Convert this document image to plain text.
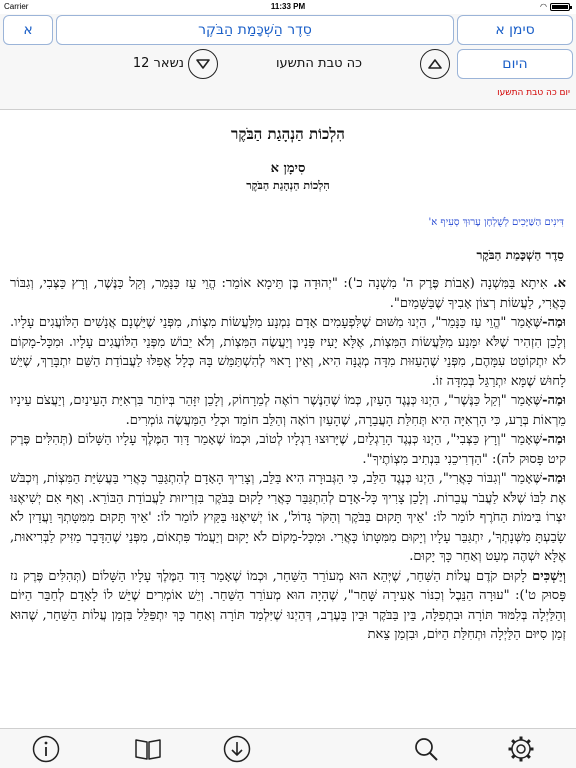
Carrier	11:33 PM	◠
א	סֵדֶר הַשְׁכָּמַת הַבֹּקֶר	סימן א
נשאר 12	כה טבת התשעו	היום
יום כה טבת התשעו
הִלְכוֹת הַנְהָגַת הַבֹּקֶר
סִימָן א
הִלְכוֹת הַנְהָגַת הַבֹּקֶר
דִּינִים הַשַּׁיָּכִים לְשֻׁלְחָן עָרוּךְ סְעִיף א'
סֵדֶר הַשְׁכָּמַת הַבֹּקֶר

א. אִיתָא בַּמִּשְׁנָה (אָבוֹת פֶּרֶק ה' מִשְׁנָה כ'): "יְהוּדָה בֶּן תֵּימָא אוֹמֵר: הֱוֵי עַז כַּנָּמֵר, וְקַל כַּנֶּשֶׁר, וְרָץ כַּצְּבִי, וְגִבּוֹר כָּאֲרִי, לַעֲשׂוֹת רְצוֹן אָבִיךָ שֶׁבַּשָּׁמַיִם".

וּמַה-שֶּׁאָמַר "הֱוֵי עַז כַּנָּמֵר", הַיְנוּ מִשּׁוּם שֶׁלִּפְעָמִים אָדָם נִמְנָע מִלַּעֲשׂוֹת מִצְוֹת, מִפְּנֵי שֶׁיֵּשְׁנָם אֲנָשִׁים הַלּוֹעֲגִים עָלָיו. וְלָכֵן הִזְהִיר שֶׁלֹּא יִמָּנַע מִלַּעֲשׂוֹת הַמִּצְוֹת, אֶלָּא יָעִיז פָּנָיו וְיַעֲשֶׂה הַמִּצְוֹת, וְלֹא יֵבוֹשׁ מִפְּנֵי הַלּוֹעֲגִים עָלָיו. וּמִכָּל-מָקוֹם לֹא יִתְקוֹטֵט עִמָּהֶם, מִפְּנֵי שֶׁהָעַזּוּת מִדָּה מְגֻנָּה הִיא, וְאֵין רָאוּי לְהִשְׁתַּמֵּשׁ בָּהּ כְּלָל אֲפִלּוּ לַעֲבוֹדַת הַשֵּׁם יִתְבָּרַךְ, שֶׁיֵּשׁ לָחוּשׁ שֶׁמָּא יִתְרַגֵּל בְּמִדָּה זוֹ.

וּמַה-שֶּׁאָמַר "וְקַל כַּנֶּשֶׁר", הַיְנוּ כְּנֶגֶד הָעַיִן, כְּמוֹ שֶׁהַנֶּשֶׁר רוֹאֶה לְמֵרָחוֹק, וְלָכֵן יִזָּהֵר בְּיוֹתֵר בִּרְאִיַּת הָעֵינַיִם, וְיַעֲצֹם עֵינָיו מֵרְאוֹת בְּרָע, כִּי הָרְאִיָּה הִיא תְּחִלַּת הָעֲבֵרָה, שֶׁהָעַיִן רוֹאָה וְהַלֵּב חוֹמֵד וּכְלֵי הַמַּעֲשֶׂה גּוֹמְרִים.

וּמַה-שֶּׁאָמַר "וְרָץ כַּצְּבִי", הַיְנוּ כְּנֶגֶד הָרַגְלַיִם, שֶׁיָּרוּצוּ רַגְלָיו לְטוֹב, וּכְמוֹ שֶׁאָמַר דָּוִד הַמֶּלֶךְ עָלָיו הַשָּׁלוֹם (תְּהִלִּים פֶּרֶק קיט פָּסוּק לה): "הַדְרִיכֵנִי בִּנְתִיב מִצְוֹתֶיךָ".

וּמַה-שֶּׁאָמַר "וְגִבּוֹר כָּאֲרִי", הַיְנוּ כְּנֶגֶד הַלֵּב, כִּי הַגְּבוּרָה הִיא בַּלֵּב, וְצָרִיךְ הָאָדָם לְהִתְגַּבֵּר כָּאֲרִי בַּעֲשִׂיַּת הַמִּצְוֹת, וְיִכְבֹּשׁ אֶת לִבּוֹ שֶׁלֹּא לַעֲבֹר עֲבֵרוֹת. וְלָכֵן צָרִיךְ כָּל-אָדָם לְהִתְגַּבֵּר כָּאֲרִי לָקוּם בַּבֹּקֶר בִּזְרִיזוּת לַעֲבוֹדַת הַבּוֹרֵא. וְאַף אִם יְשִׁיאֶנּוּ יִצְרוֹ בִּימוֹת הַחֹרֶף לוֹמַר לוֹ: 'אֵיךְ תָּקוּם בַּבֹּקֶר וְהַקֹּר גָּדוֹל', אוֹ יְשִׁיאֶנּוּ בַּקַּיִץ לוֹמַר לוֹ: 'אֵיךְ תָּקוּם מִמִּטָּתְךָ וַעֲדַיִן לֹא שָׂבַעְתָּ מִשְּׁנָתְךָ', יִתְגַּבֵּר עָלָיו וְיָקוּם מִמִּטָּתוֹ כָּאֲרִי. וּמִכָּל-מָקוֹם לֹא יָקוּם וְיַעֲמֹד פִּתְאוֹם, מִפְּנֵי שֶׁהַדָּבָר מַזִּיק לַבְּרִיאוּת, אֶלָּא יִשְׁהֶה מְעַט וְאַחַר כָּךְ יָקוּם.

וְיַשְׁכִּים לָקוּם קֹדֶם עֲלוֹת הַשַּׁחַר, שֶׁיְּהֵא הוּא מְעוֹרֵר הַשַּׁחַר, וּכְמוֹ שֶׁאָמַר דָּוִד הַמֶּלֶךְ עָלָיו הַשָּׁלוֹם (תְּהִלִּים פֶּרֶק נז פָּסוּק ט'): "עוּרָה הַנֵּבֶל וְכִנּוֹר אָעִירָה שָּׁחַר", שֶׁהָיָה הוּא מְעוֹרֵר הַשַּׁחַר. וְיֵשׁ אוֹמְרִים שֶׁיֵּשׁ לוֹ לָאָדָם לְחַבֵּר הַיּוֹם וְהַלַּיְלָה בְּלִמּוּד תּוֹרָה וּבִתְפִלָּה, בֵּין בַּבֹּקֶר וּבֵין בָּעֶרֶב, דְּהַיְנוּ שֶׁיִּלְמַד תּוֹרָה וְאַחַר כָּךְ יִתְפַּלֵּל בִּזְמַן עֲלוֹת הַשַּׁחַר, שֶׁהוּא זְמַן סִיּוּם הַלַּיְלָה וּתְחִלַּת הַיּוֹם, וּבִזְמַן צֵאת
